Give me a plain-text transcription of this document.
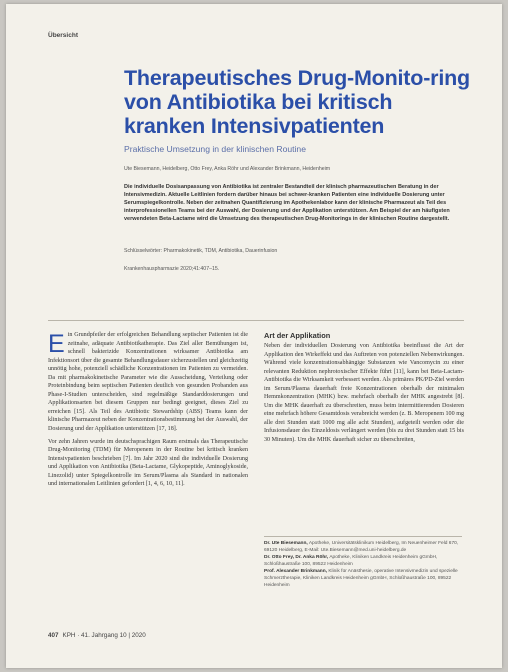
Übersicht
Therapeutisches Drug-Monito-ring von Antibiotika bei kritisch kranken Intensivpatienten

Praktische Umsetzung in der klinischen Routine

Ute Biesemann, Heidelberg, Otto Frey, Anka Röhr und Alexander Brinkmann, Heidenheim

Die individuelle Dosisanpassung von Antibiotika ist zentraler Bestandteil der klinisch pharmazeutischen Beratung in der Intensivmedizin. Aktuelle Leitlinien fordern darüber hinaus bei schwer-kranken Patienten eine individuelle Dosierung unter Serumspiegelkontrolle. Neben der zeitnahen Quantifizierung im Apothekenlabor kann der klinische Pharmazeut als Teil des interprofessionellen Teams bei der Auswahl, der Dosierung und der Applikation unterstützen. Am Beispiel der am häufigsten verwendeten Beta-Lactame wird die Umsetzung des therapeutischen Drug-Monitorings in der klinischen Routine dargestellt.

Schlüsselwörter: Pharmakokinetik, TDM, Antibiotika, Dauerinfusion
Krankenhauspharmazie 2020;41:407–15.

Ein Grundpfeiler der erfolgreichen Behandlung septischer Patienten ist die zeitnahe, adäquate Antibiotikatherapie. Das Ziel aller Bemühungen ist, schnell bakterizide Konzentrationen wirksamer Antibiotika am Infektionsort über die gesamte Behandlungsdauer sicherzustellen und gleichzeitig unnötig hohe, potenziell schädliche Konzentrationen im Patienten zu vermeiden. Da mit pharmakokinetische Parameter wie die Ausscheidung, Verteilung oder Proteinbindung beim septischen Patienten deutlich von gesunden Probanden aus Phase-I-Studien unterscheiden, sind regelmäßige Standarddosierungen und Applikationsarten bei diesem Gruppen nur bedingt geeignet, dieses Ziel zu erreichen [15]. Als Teil des Antibiotic Stewardship (ABS) Teams kann der klinische Pharmazeut neben der Konzentrationsbestimmung bei der Auswahl, der Dosierung und der Applikation unterstützen [17, 18].

Vor zehn Jahren wurde im deutschsprachigen Raum erstmals das Therapeutische Drug-Monitoring (TDM) für Meropenem in der Routine bei kritisch kranken Intensivpatienten beschrieben [7]. Im Jahr 2020 sind die individuelle Dosierung und Applikation von Antibiotika (Beta-Lactame, Glykopeptide, Aminoglykoside, Linezolid) unter Spiegelkontrolle im Serum/Plasma als Standard in nationalen und internationalen Leitlinien gefordert [1, 4, 6, 10, 11].

Art der Applikation

Neben der individuellen Dosierung von Antibiotika beeinflusst die Art der Applikation den Wirkeffekt und das Auftreten von potenziellen Nebenwirkungen. Während viele konzentrationsabhängige Substanzen wie Vancomycin zu einer relevanten Reduktion nephrotoxischer Effekte führt [11], kann bei Beta-Lactam-Antibiotika die Wirksamkeit verbessert werden. Als primäres PK/PD-Ziel werden im Serum/Plasma dauerhaft freie Konzentrationen oberhalb der minimalen Hemmkonzentration (MHK) bzw. mehrfach oberhalb der MHK angestrebt [8]. Um die MHK dauerhaft zu überschreiten, muss beim intermittierenden Dosieren eine mehrfach höhere Gesamtdosis verabreicht werden (z. B. Meropenem 100 mg alle drei Stunden statt 1000 mg alle acht Stunden), aufgeteilt werden oder die Infusionsdauer des Einzeldosis verlängert werden (bis zu drei Stunden statt 15 bis 30 Minuten). Um die MHK dauerhaft sicher zu überschreiten,

Dr. Ute Biesemann, Apotheke, Universitätsklinikum Heidelberg, Im Neuenheimer Feld 670, 69120 Heidelberg, E-Mail: Ute.Biesemann@med.uni-heidelberg.de

Dr. Otto Frey, Dr. Anka Röhr, Apotheke, Kliniken Landkreis Heidenheim gGmbH, Schloßhaustraße 100, 89522 Heidenheim

Prof. Alexander Brinkmann, Klinik für Anästhesie, operative Intensivmedizin und spezielle Schmerztherapie, Kliniken Landkreis Heidenheim gGmbH, Schloßhaustraße 100, 89522 Heidenheim

407 KPH · 41. Jahrgang 10 | 2020
